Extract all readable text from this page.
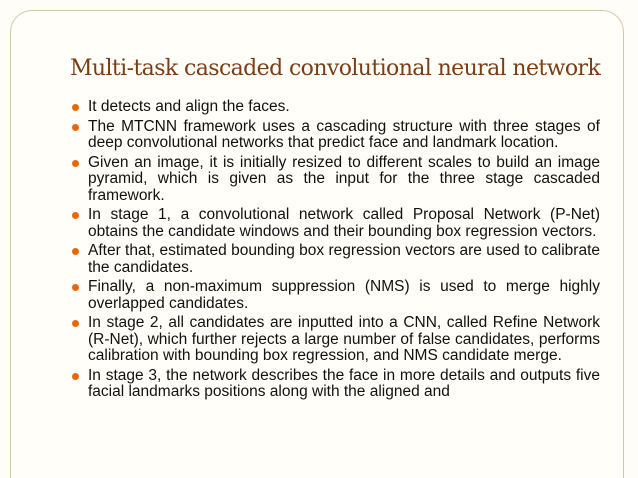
Multi-task cascaded convolutional neural network
It detects and align the faces.
The MTCNN framework uses a cascading structure with three stages of deep convolutional networks that predict face and landmark location.
Given an image, it is initially resized to different scales to build an image pyramid, which is given as the input for the three stage cascaded framework.
In stage 1, a convolutional network called Proposal Network (P-Net) obtains the candidate windows and their bounding box regression vectors.
After that, estimated bounding box regression vectors are used to calibrate the candidates.
Finally, a non-maximum suppression (NMS) is used to merge highly overlapped candidates.
In stage 2, all candidates are inputted into a CNN, called Refine Network (R-Net), which further rejects a large number of false candidates, performs calibration with bounding box regression, and NMS candidate merge.
In stage 3, the network describes the face in more details and outputs five facial landmarks positions along with the aligned and
